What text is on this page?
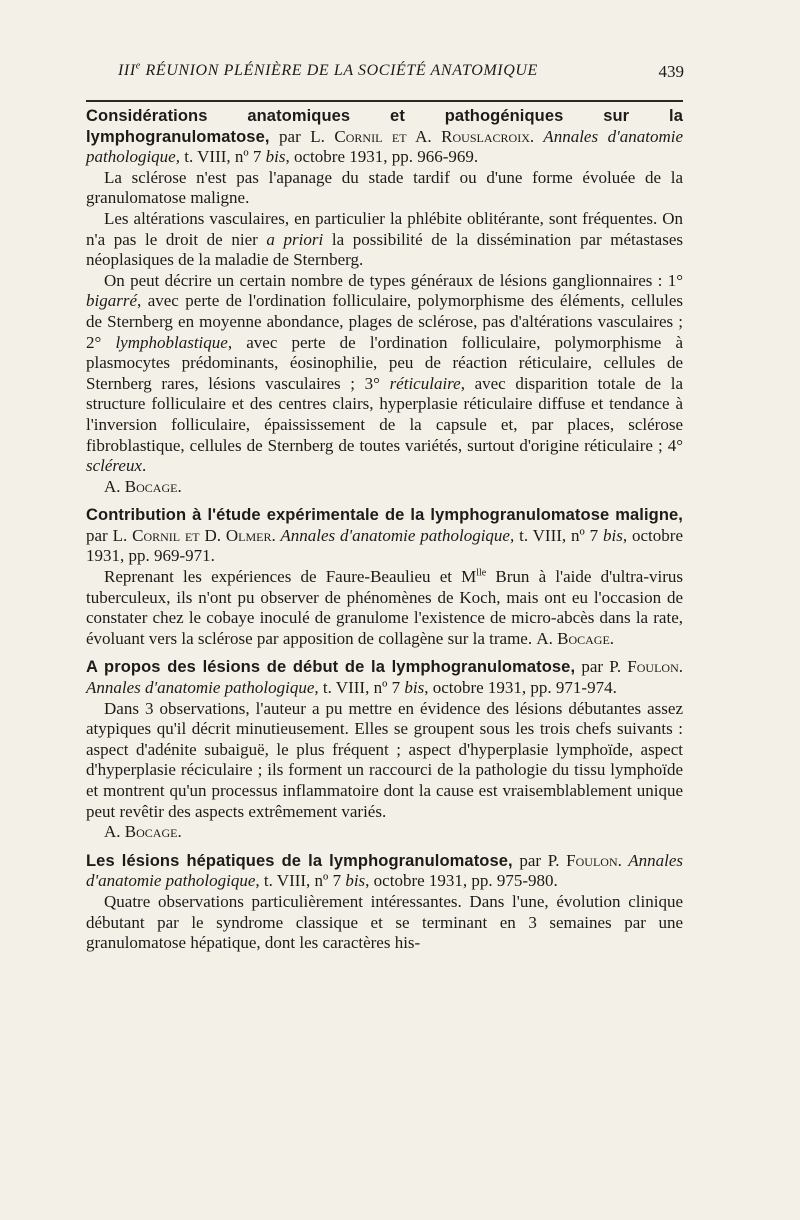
IIIe RÉUNION PLÉNIÈRE DE LA SOCIÉTÉ ANATOMIQUE	439

Considérations anatomiques et pathogéniques sur la lymphogranulomatose, par L. Cornil et A. Rouslacroix. Annales d'anatomie pathologique, t. VIII, nº 7 bis, octobre 1931, pp. 966-969.

La sclérose n'est pas l'apanage du stade tardif ou d'une forme évoluée de la granulomatose maligne.

Les altérations vasculaires, en particulier la phlébite oblitérante, sont fréquentes. On n'a pas le droit de nier a priori la possibilité de la dissémination par métastases néoplasiques de la maladie de Sternberg.

On peut décrire un certain nombre de types généraux de lésions ganglionnaires : 1° bigarré, avec perte de l'ordination folliculaire, polymorphisme des éléments, cellules de Sternberg en moyenne abondance, plages de sclérose, pas d'altérations vasculaires ; 2° lymphoblastique, avec perte de l'ordination folliculaire, polymorphisme à plasmocytes prédominants, éosinophilie, peu de réaction réticulaire, cellules de Sternberg rares, lésions vasculaires ; 3° réticulaire, avec disparition totale de la structure folliculaire et des centres clairs, hyperplasie réticulaire diffuse et tendance à l'inversion folliculaire, épaississement de la capsule et, par places, sclérose fibroblastique, cellules de Sternberg de toutes variétés, surtout d'origine réticulaire ; 4° scléreux.

A. Bocage.

Contribution à l'étude expérimentale de la lymphogranulomatose maligne, par L. Cornil et D. Olmer. Annales d'anatomie pathologique, t. VIII, nº 7 bis, octobre 1931, pp. 969-971.

Reprenant les expériences de Faure-Beaulieu et $M^{lle}$ Brun à l'aide d'ultra-virus tuberculeux, ils n'ont pu observer de phénomènes de Koch, mais ont eu l'occasion de constater chez le cobaye inoculé de granulome l'existence de micro-abcès dans la rate, évoluant vers la sclérose par apposition de collagène sur la trame. A. Bocage.

A propos des lésions de début de la lymphogranulomatose, par P. Foulon. Annales d'anatomie pathologique, t. VIII, nº 7 bis, octobre 1931, pp. 971-974.

Dans 3 observations, l'auteur a pu mettre en évidence des lésions débutantes assez atypiques qu'il décrit minutieusement. Elles se groupent sous les trois chefs suivants : aspect d'adénite subaiguë, le plus fréquent ; aspect d'hyperplasie lymphoïde, aspect d'hyperplasie réciculaire ; ils forment un raccourci de la pathologie du tissu lymphoïde et montrent qu'un processus inflammatoire dont la cause est vraisemblablement unique peut revêtir des aspects extrêmement variés.

A. Bocage.

Les lésions hépatiques de la lymphogranulomatose, par P. Foulon. Annales d'anatomie pathologique, t. VIII, nº 7 bis, octobre 1931, pp. 975-980.

Quatre observations particulièrement intéressantes. Dans l'une, évolution clinique débutant par le syndrome classique et se terminant en 3 semaines par une granulomatose hépatique, dont les caractères his-
